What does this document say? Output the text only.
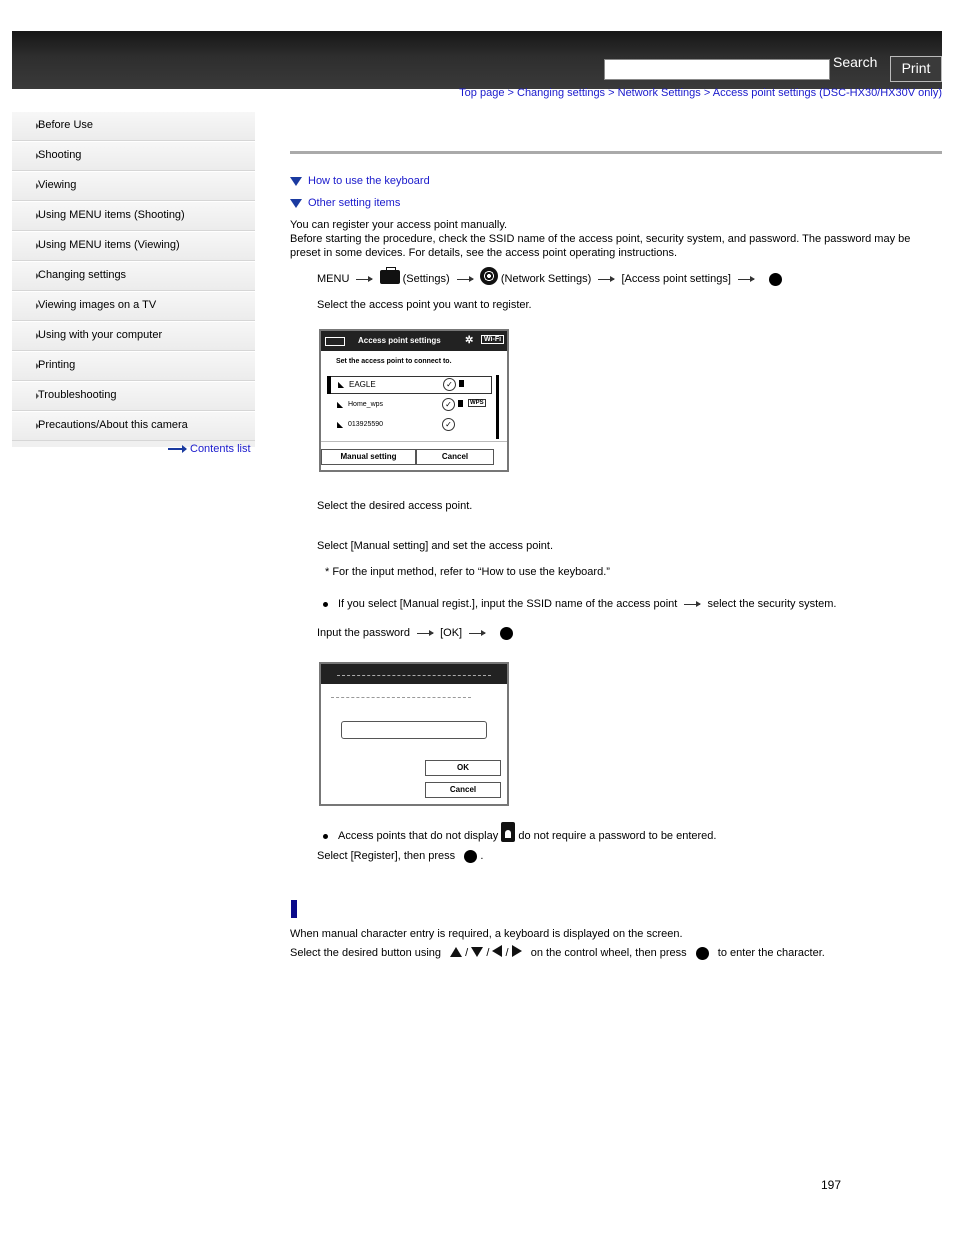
Search	Print
Top page > Changing settings > Network Settings > Access point settings (DSC-HX30/HX30V only)
Before Use
Shooting
Viewing
Using MENU items (Shooting)
Using MENU items (Viewing)
Changing settings
Viewing images on a TV
Using with your computer
Printing
Troubleshooting
Precautions/About this camera
Contents list
How to use the keyboard
Other setting items
You can register your access point manually.
Before starting the procedure, check the SSID name of the access point, security system, and password. The password may be preset in some devices. For details, see the access point operating instructions.
MENU	(Settings)	(Network Settings)	[Access point settings]
Select the access point you want to register.
Access point settings ✲	Wi-Fi
Set the access point to connect to.
◣ EAGLE	✓
◣ Home_wps	✓	WPS
◣ 013925590	✓
Manual setting	Cancel
Select the desired access point.
Select [Manual setting] and set the access point.
* For the input method, refer to “How to use the keyboard.”
If you select [Manual regist.], input the SSID name of the access point	select the security system.
Input the password	[OK]
OK
Cancel
Access points that do not display do not require a password to be entered.
Select [Register], then press .
When manual character entry is required, a keyboard is displayed on the screen.
Select the desired button using / / / on the control wheel, then press	to enter the character.
197
